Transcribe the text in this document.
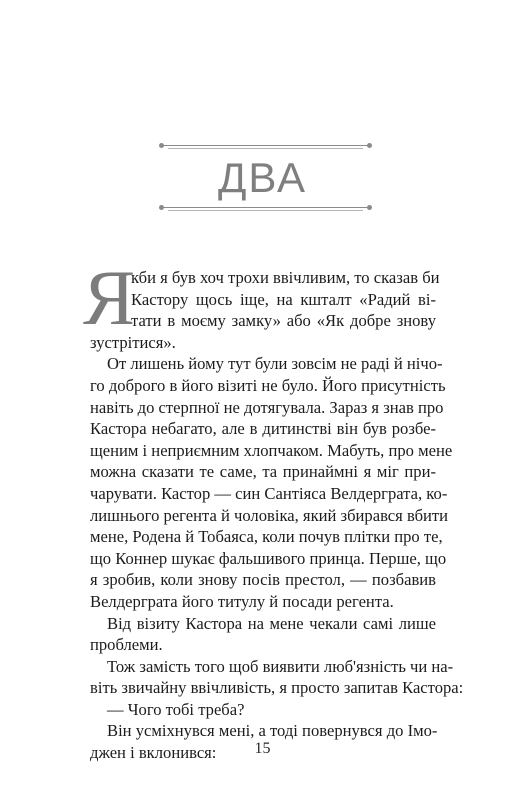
ДВА
Я
кби я був хоч трохи ввічливим, то сказав би
Кастору щось іще, на кшталт «Радий ві-
тати в моєму замку» або «Як добре знову
зустрітися».
От лишень йому тут були зовсім не раді й нічо-
го доброго в його візиті не було. Його присутність
навіть до стерпної не дотягувала. Зараз я знав про
Кастора небагато, але в дитинстві він був розбе-
щеним і неприємним хлопчаком. Мабуть, про мене
можна сказати те саме, та принаймні я міг при-
чарувати. Кастор — син Сантіяса Велдерграта, ко-
лишнього регента й чоловіка, який збирався вбити
мене, Родена й Тобаяса, коли почув плітки про те,
що Коннер шукає фальшивого принца. Перше, що
я зробив, коли знову посів престол, — позбавив
Велдерграта його титулу й посади регента.
Від візиту Кастора на мене чекали самі лише
проблеми.
Тож замість того щоб виявити люб'язність чи на-
віть звичайну ввічливість, я просто запитав Кастора:
— Чого тобі треба?
Він усміхнувся мені, а тоді повернувся до Імо-
джен і вклонився:	15
